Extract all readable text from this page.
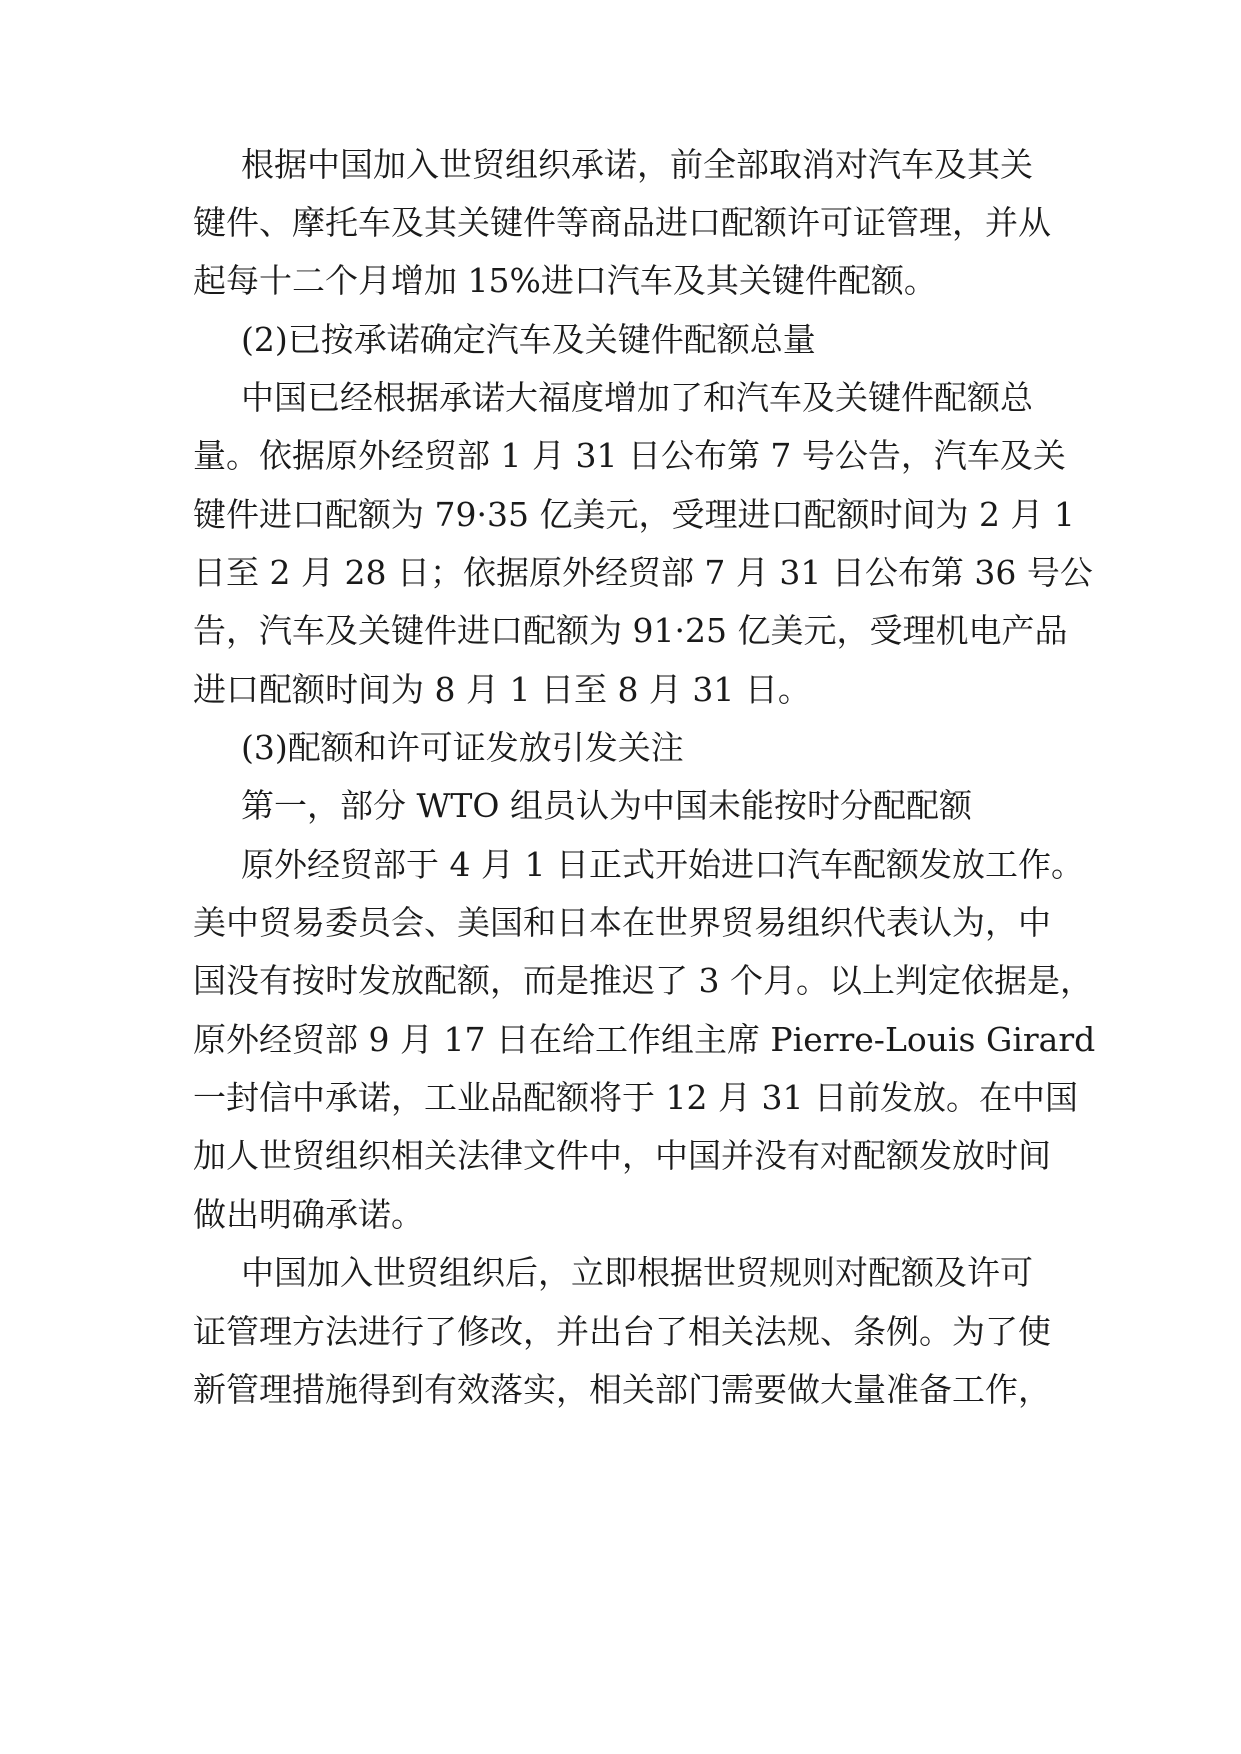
根据中国加入世贸组织承诺，前全部取消对汽车及其关
键件、摩托车及其关键件等商品进口配额许可证管理，并从
起每十二个月增加 15%进口汽车及其关键件配额。
(2)已按承诺确定汽车及关键件配额总量
中国已经根据承诺大福度增加了和汽车及关键件配额总
量。依据原外经贸部 1 月 31 日公布第 7 号公告，汽车及关
键件进口配额为 79·35 亿美元，受理进口配额时间为 2 月 1
日至 2 月 28 日；依据原外经贸部 7 月 31 日公布第 36 号公
告，汽车及关键件进口配额为 91·25 亿美元，受理机电产品
进口配额时间为 8 月 1 日至 8 月 31 日。
(3)配额和许可证发放引发关注
第一，部分 WTO 组员认为中国未能按时分配配额
原外经贸部于 4 月 1 日正式开始进口汽车配额发放工作。
美中贸易委员会、美国和日本在世界贸易组织代表认为，中
国没有按时发放配额，而是推迟了 3 个月。以上判定依据是，
原外经贸部 9 月 17 日在给工作组主席 Pierre-Louis Girard
一封信中承诺，工业品配额将于 12 月 31 日前发放。在中国
加人世贸组织相关法律文件中，中国并没有对配额发放时间
做出明确承诺。
中国加入世贸组织后，立即根据世贸规则对配额及许可
证管理方法进行了修改，并出台了相关法规、条例。为了使
新管理措施得到有效落实，相关部门需要做大量准备工作，
